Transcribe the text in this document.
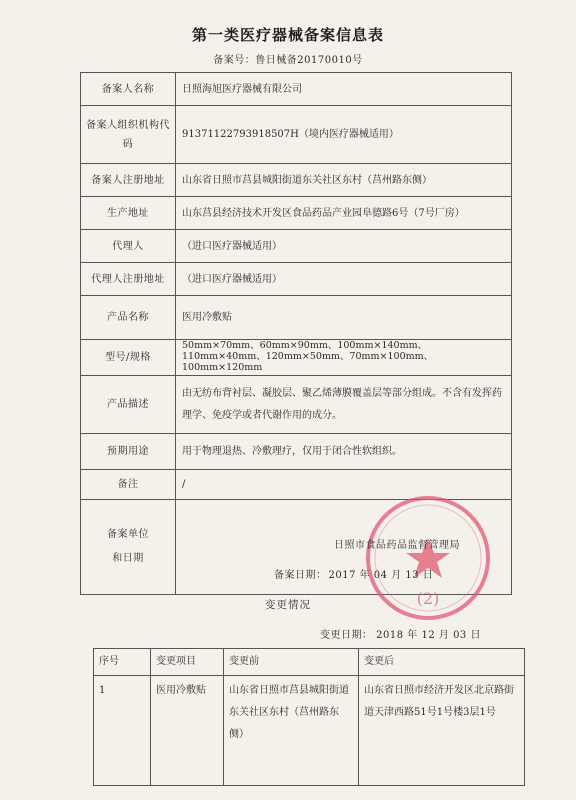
第一类医疗器械备案信息表
备案号：鲁日械备20170010号
备案人名称	日照海旭医疗器械有限公司

备案人组织机构代码	91371122793918507H（境内医疗器械适用）
备案人注册地址	山东省日照市莒县城阳街道东关社区东村（莒州路东侧）
生产地址	山东莒县经济技术开发区食品药品产业园阜德路6号（7号厂房）
代理人	（进口医疗器械适用）
代理人注册地址	（进口医疗器械适用）
产品名称	医用冷敷贴
型号/规格	50mm×70mm、60mm×90mm、100mm×140mm、110mm×40mm、120mm×50mm、70mm×100mm、100mm×120mm
产品描述	由无纺布背衬层、凝胶层、聚乙烯薄膜覆盖层等部分组成。不含有发挥药理学、免疫学或者代谢作用的成分。
预期用途	用于物理退热、冷敷理疗，仅用于闭合性软组织。
备注	/

备案单位和日期	(2)
日照市食品药品监督管理局
备案日期： 2017 年 04 月 13 日
变更情况
变更日期： 2018 年 12 月 03 日
序号	变更项目	变更前	变更后
1	医用冷敷贴	山东省日照市莒县城阳街道东关社区东村（莒州路东侧）	山东省日照市经济开发区北京路街道天津西路51号1号楼3层1号
